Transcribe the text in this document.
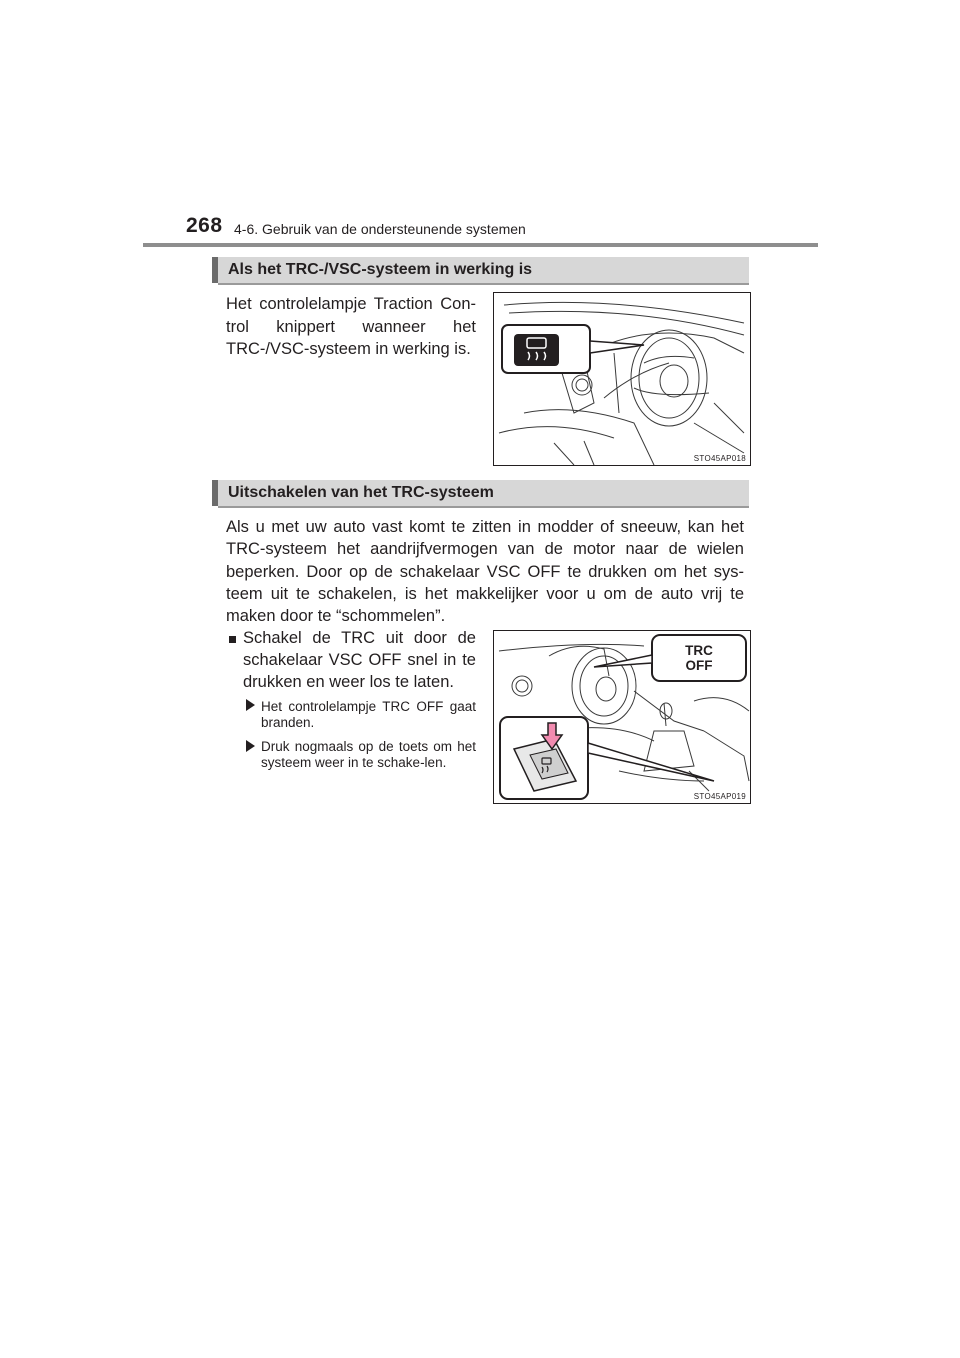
268 4-6. Gebruik van de ondersteunende systemen
Als het TRC-/VSC-systeem in werking is
Het controlelampje Traction Con-trol knippert wanneer het TRC-/VSC-systeem in werking is.
STO45AP018
Uitschakelen van het TRC-systeem
Als u met uw auto vast komt te zitten in modder of sneeuw, kan het TRC-systeem het aandrijfvermogen van de motor naar de wielen beperken. Door op de schakelaar VSC OFF te drukken om het sys-teem uit te schakelen, is het makkelijker voor u om de auto vrij te maken door te “schommelen”.
Schakel de TRC uit door de schakelaar VSC OFF snel in te drukken en weer los te laten.
Het controlelampje TRC OFF gaat branden.
Druk nogmaals op de toets om het systeem weer in te schake-len.
TRC
OFF
STO45AP019
